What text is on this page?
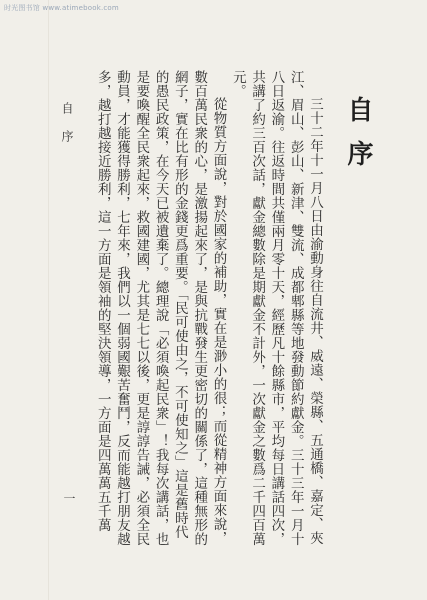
时光图书馆 www.atimebook.com
自序

三十二年十一月八日由渝動身往自流井、威遠、榮縣、五通橋、嘉定、夾江、眉山、彭山、新津、雙流、成都郫縣等地發動節約獻金。三十三年一月十八日返渝。往返時間共僅兩月零十天，經歷凡十餘縣市，平均每日講話四次，共講了約三百次話，獻金總數除是期獻金不計外，一次獻金之數爲二千四百萬元。

從物質方面說，對於國家的補助，實在是渺小的很；而從精神方面來說，數百萬民衆的心，是激揚起來了，是與抗戰發生更密切的關係了，這種無形的網子，實在比有形的金錢更爲重要。「民可使由之，不可使知之」這是舊時代的愚民政策，在今天已被遺棄了。總理說「必須喚起民衆」！我每次講話，也是要喚醒全民衆起來，救國建國，尤其是七七以後，更是諄諄告誡，必須全民動員，才能獲得勝利，七年來，我們以一個弱國艱苦奮鬥，反而能越打朋友越多，越打越接近勝利，這一方面是領袖的堅決領導，一方面是四萬萬五千萬

自序
一
